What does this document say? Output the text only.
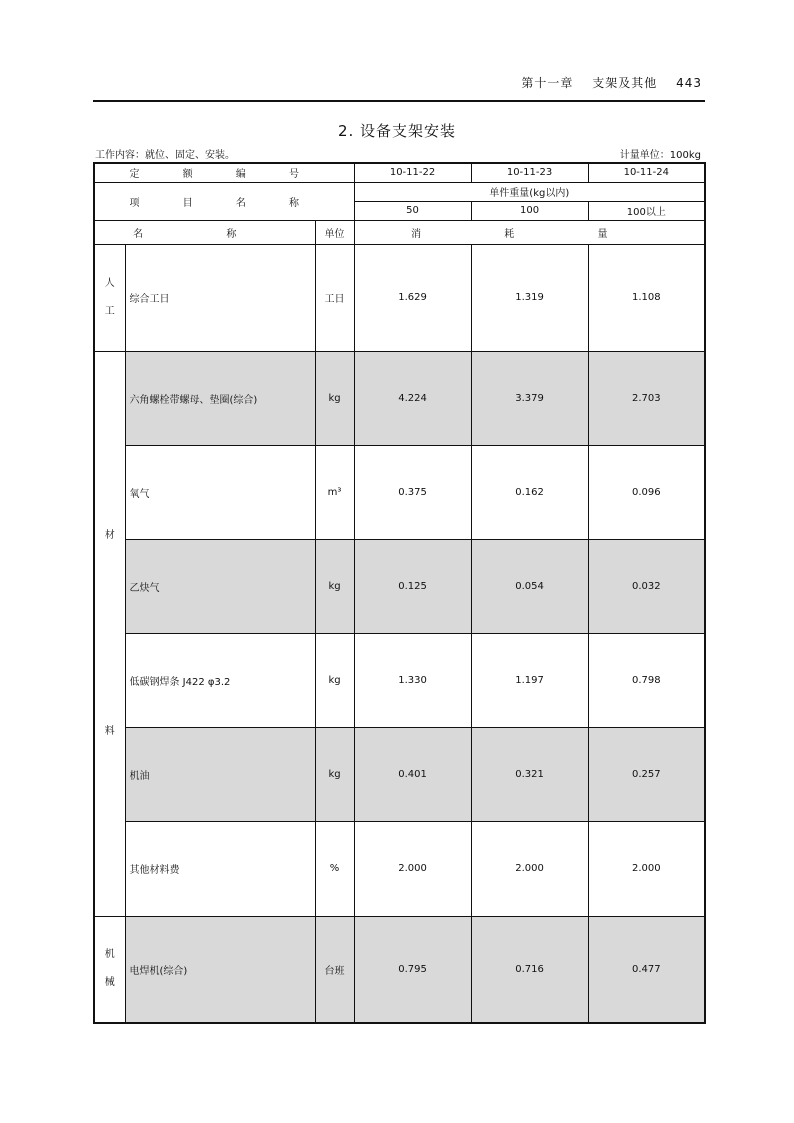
第十一章 支架及其他 443
2. 设备支架安装
工作内容：就位、固定、安装。	计量单位：100kg
定 额 编 号			10-11-22	10-11-23	10-11-24
项 目 名 称			单件重量(kg以内)		
			50	100	100以上
名 称		单位	消 耗 量		
人
工	综合工日	工日	1.629	1.319	1.108
材

料	六角螺栓带螺母、垫圈(综合)	kg	4.224	3.379	2.703
	氧气	m³	0.375	0.162	0.096
	乙炔气	kg	0.125	0.054	0.032
	低碳钢焊条 J422 φ3.2	kg	1.330	1.197	0.798
	机油	kg	0.401	0.321	0.257
	其他材料费	%	2.000	2.000	2.000
机
械	电焊机(综合)	台班	0.795	0.716	0.477
